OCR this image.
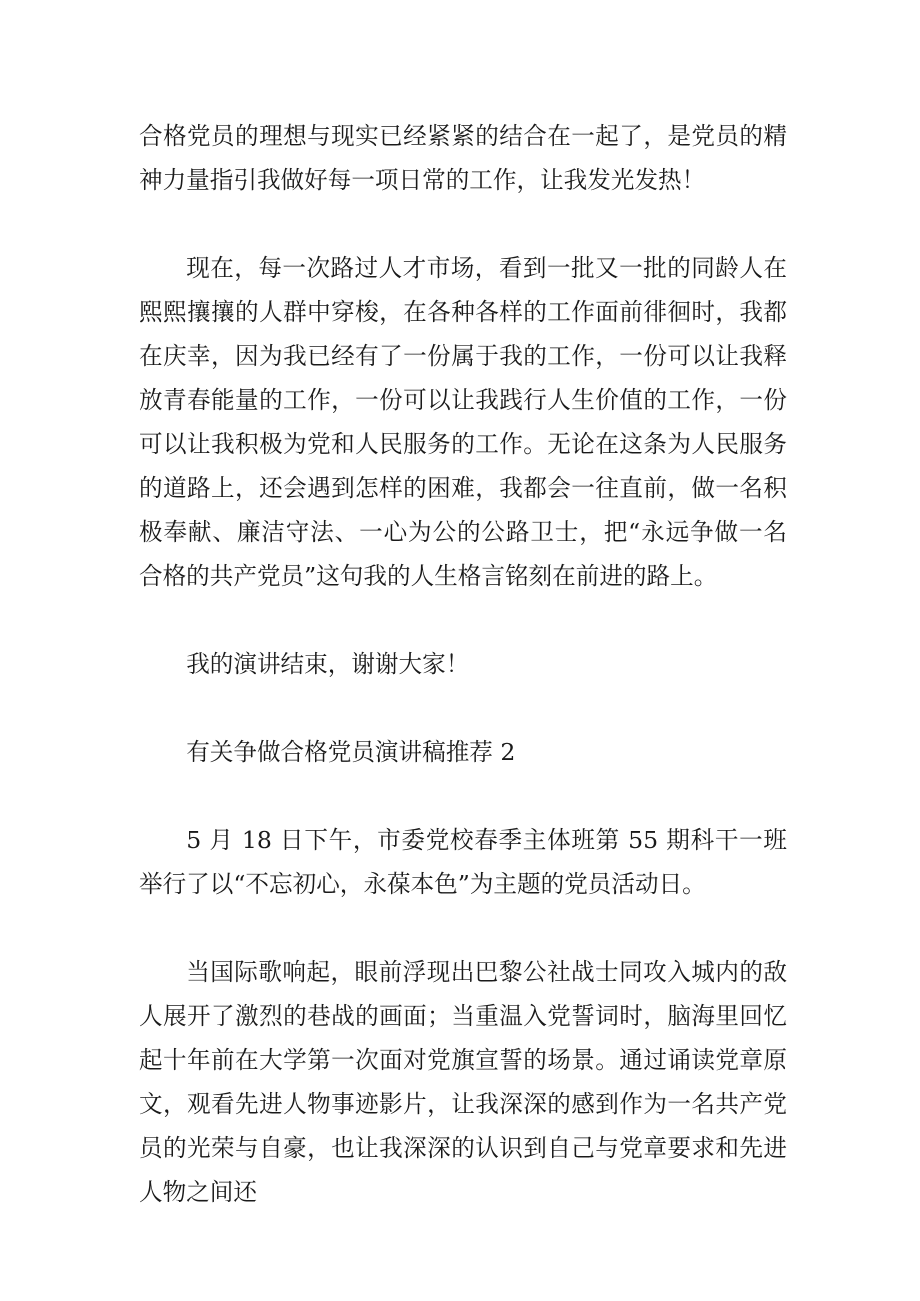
合格党员的理想与现实已经紧紧的结合在一起了，是党员的精神力量指引我做好每一项日常的工作，让我发光发热！

现在，每一次路过人才市场，看到一批又一批的同龄人在熙熙攘攘的人群中穿梭，在各种各样的工作面前徘徊时，我都在庆幸，因为我已经有了一份属于我的工作，一份可以让我释放青春能量的工作，一份可以让我践行人生价值的工作，一份可以让我积极为党和人民服务的工作。无论在这条为人民服务的道路上，还会遇到怎样的困难，我都会一往直前，做一名积极奉献、廉洁守法、一心为公的公路卫士，把“永远争做一名合格的共产党员”这句我的人生格言铭刻在前进的路上。

我的演讲结束，谢谢大家！

有关争做合格党员演讲稿推荐 2

5 月 18 日下午，市委党校春季主体班第 55 期科干一班举行了以“不忘初心，永葆本色”为主题的党员活动日。

当国际歌响起，眼前浮现出巴黎公社战士同攻入城内的敌人展开了激烈的巷战的画面；当重温入党誓词时，脑海里回忆起十年前在大学第一次面对党旗宣誓的场景。通过诵读党章原文，观看先进人物事迹影片，让我深深的感到作为一名共产党员的光荣与自豪，也让我深深的认识到自己与党章要求和先进人物之间还
